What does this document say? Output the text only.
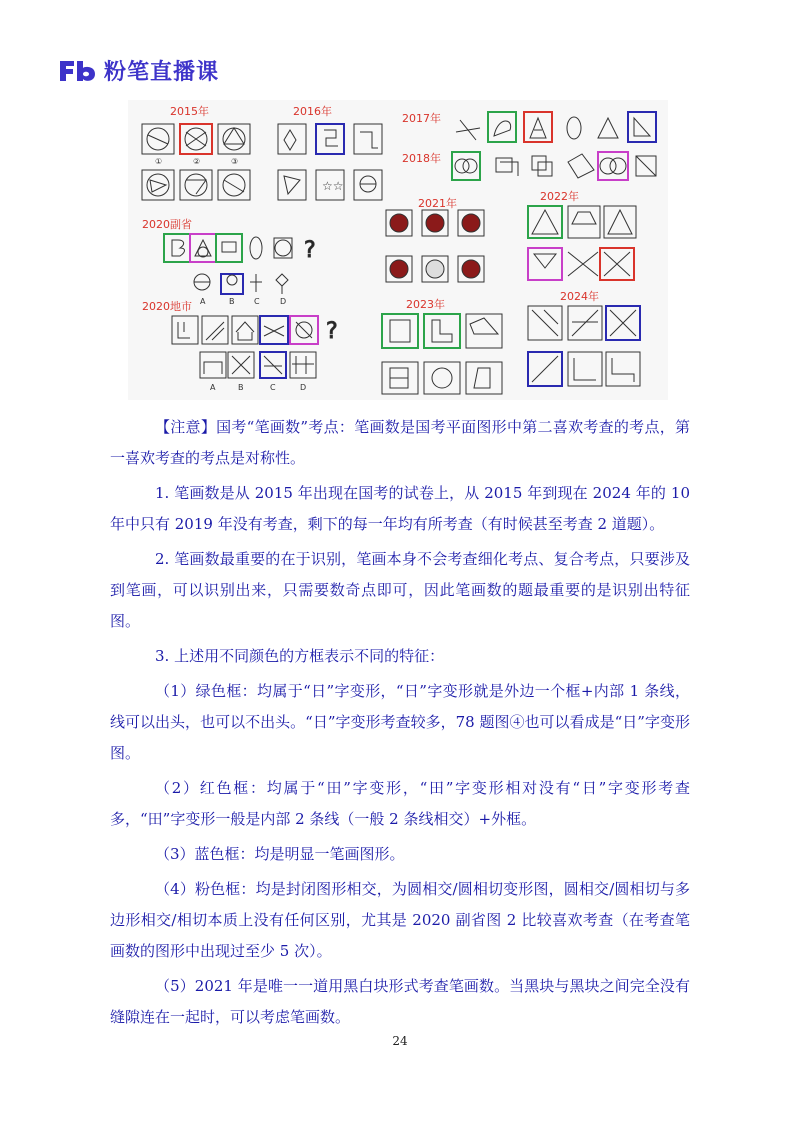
粉笔直播课
2015年	2016年
2017年
2018年
2020副省
2020地市
2021年
2022年
2023年
2024年
①	②	③
☆☆
?
A	B C	D
?
A	B	C	D

【注意】国考“笔画数”考点：笔画数是国考平面图形中第二喜欢考查的考点，第一喜欢考查的考点是对称性。

1. 笔画数是从 2015 年出现在国考的试卷上，从 2015 年到现在 2024 年的 10 年中只有 2019 年没有考查，剩下的每一年均有所考查（有时候甚至考查 2 道题）。

2. 笔画数最重要的在于识别，笔画本身不会考查细化考点、复合考点，只要涉及到笔画，可以识别出来，只需要数奇点即可，因此笔画数的题最重要的是识别出特征图。

3. 上述用不同颜色的方框表示不同的特征：

（1）绿色框：均属于“日”字变形，“日”字变形就是外边一个框+内部 1 条线，线可以出头，也可以不出头。“日”字变形考查较多，78 题图④也可以看成是“日”字变形图。

（2）红色框：均属于“田”字变形，“田”字变形相对没有“日”字变形考查多，“田”字变形一般是内部 2 条线（一般 2 条线相交）+外框。

（3）蓝色框：均是明显一笔画图形。

（4）粉色框：均是封闭图形相交，为圆相交/圆相切变形图，圆相交/圆相切与多边形相交/相切本质上没有任何区别，尤其是 2020 副省图 2 比较喜欢考查（在考查笔画数的图形中出现过至少 5 次）。

（5）2021 年是唯一一道用黑白块形式考查笔画数。当黑块与黑块之间完全没有缝隙连在一起时，可以考虑笔画数。

24
